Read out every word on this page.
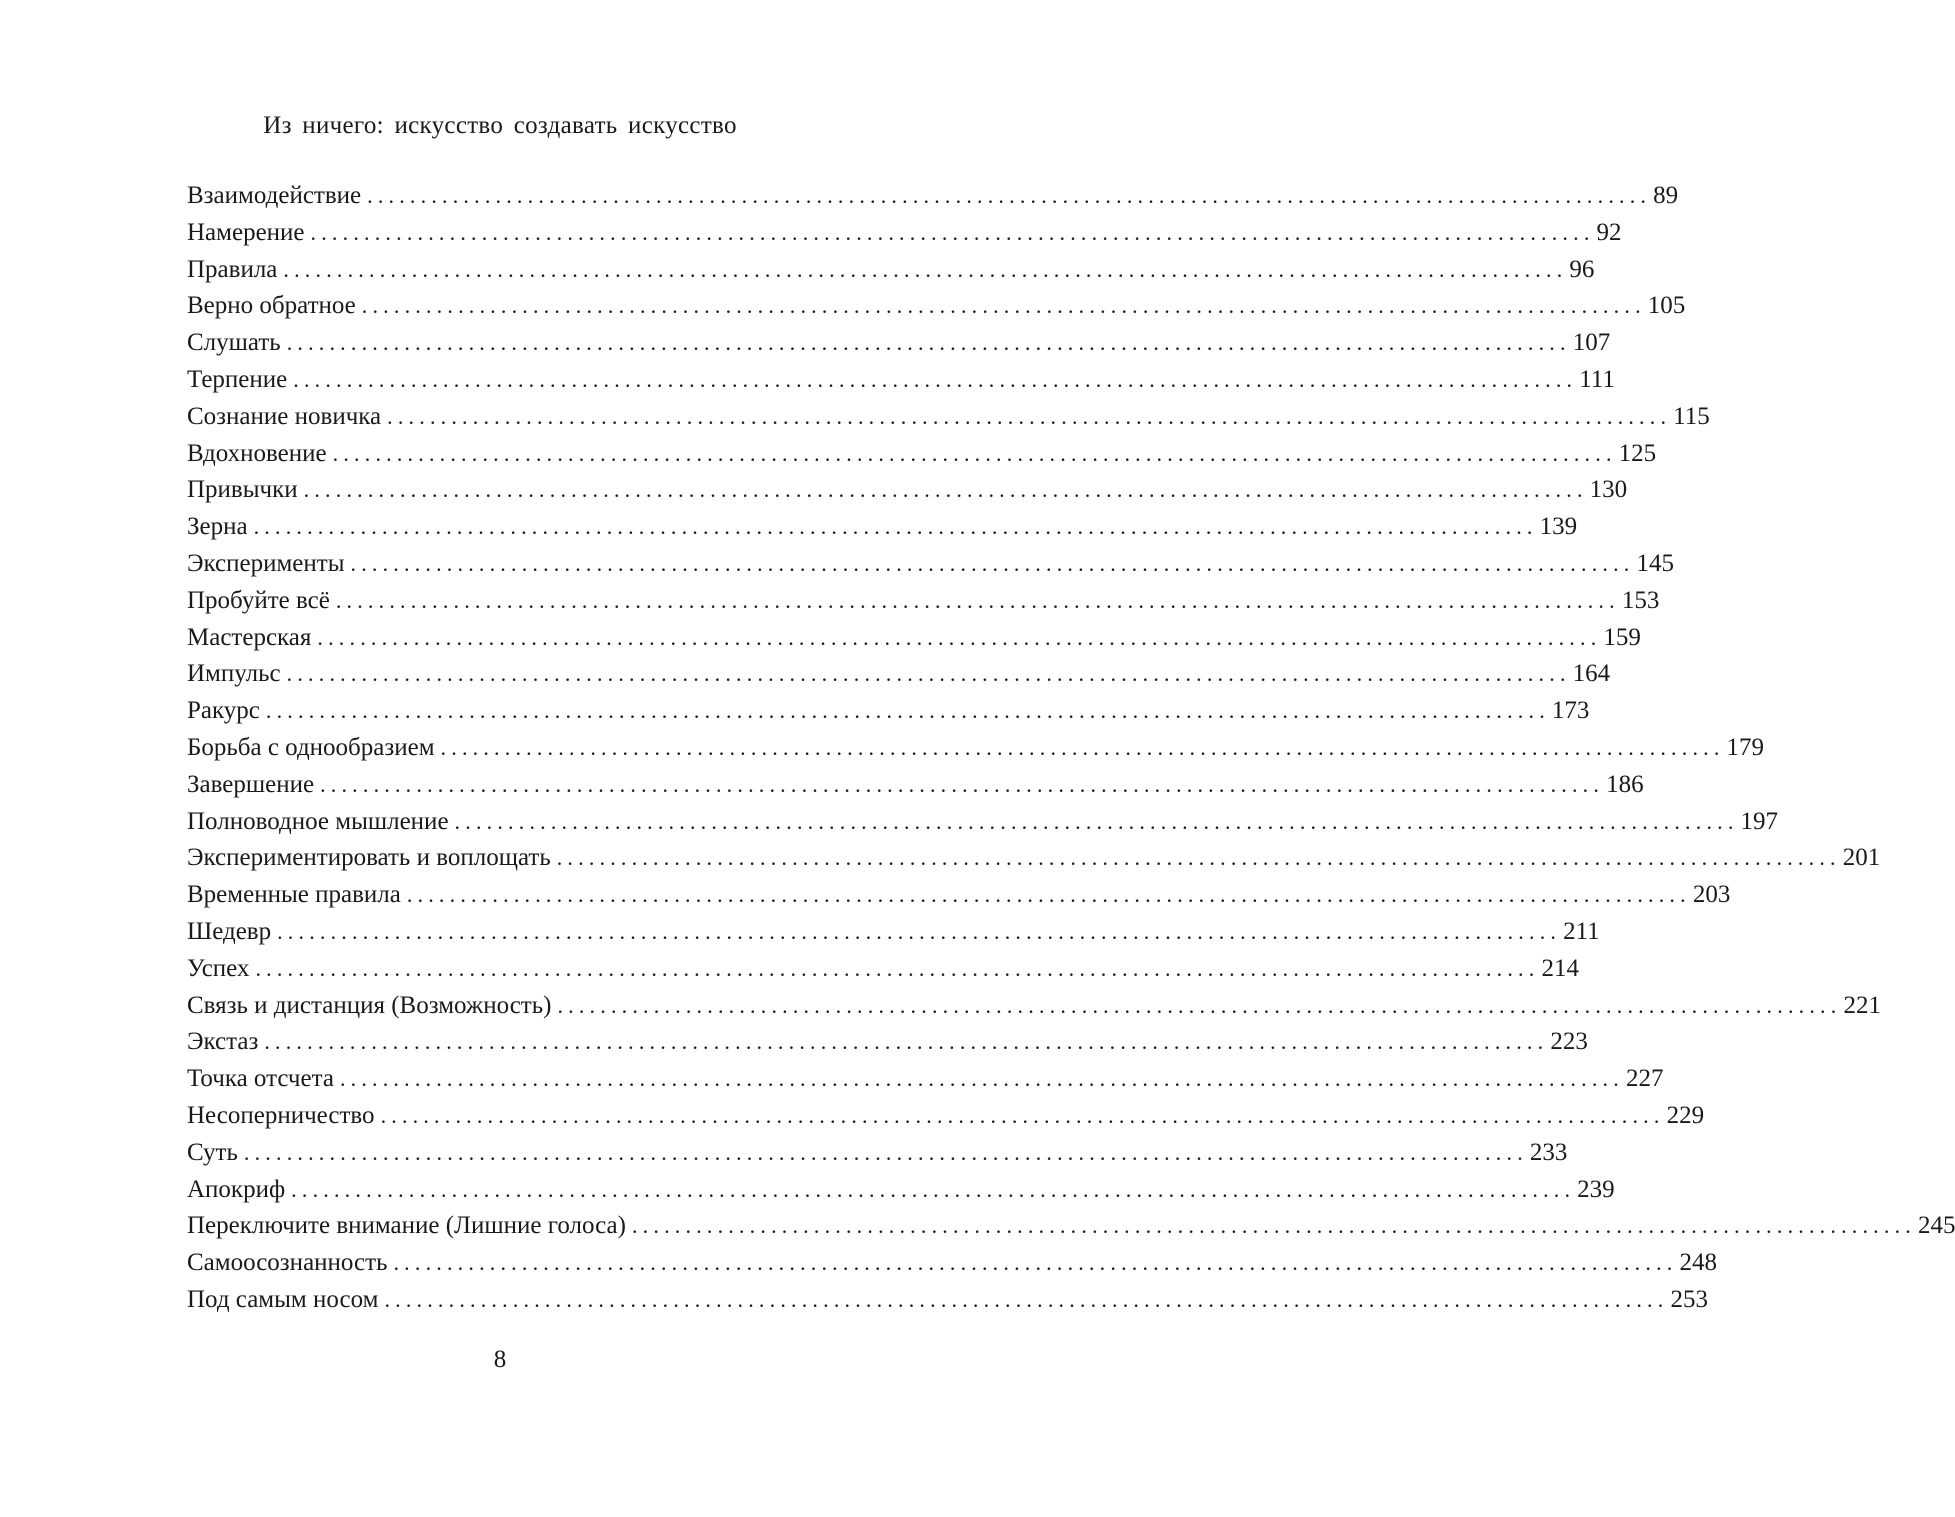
Из ничего: искусство создавать искусство
Взаимодействие ........................................................................................................................ 89
Намерение ........................................................................................................................ 92
Правила ........................................................................................................................ 96
Верно обратное ........................................................................................................................ 105
Слушать ........................................................................................................................ 107
Терпение ........................................................................................................................ 111
Сознание новичка ........................................................................................................................ 115
Вдохновение ........................................................................................................................ 125
Привычки ........................................................................................................................ 130
Зерна ........................................................................................................................ 139
Эксперименты ........................................................................................................................ 145
Пробуйте всё ........................................................................................................................ 153
Мастерская ........................................................................................................................ 159
Импульс ........................................................................................................................ 164
Ракурс ........................................................................................................................ 173
Борьба с однообразием ........................................................................................................................ 179
Завершение ........................................................................................................................ 186
Полноводное мышление ........................................................................................................................ 197
Экспериментировать и воплощать ........................................................................................................................ 201
Временные правила ........................................................................................................................ 203
Шедевр ........................................................................................................................ 211
Успех ........................................................................................................................ 214
Связь и дистанция (Возможность) ........................................................................................................................ 221
Экстаз ........................................................................................................................ 223
Точка отсчета ........................................................................................................................ 227
Несоперничество ........................................................................................................................ 229
Суть ........................................................................................................................ 233
Апокриф ........................................................................................................................ 239
Переключите внимание (Лишние голоса) ........................................................................................................................ 245
Самоосознанность ........................................................................................................................ 248
Под самым носом ........................................................................................................................ 253
8
